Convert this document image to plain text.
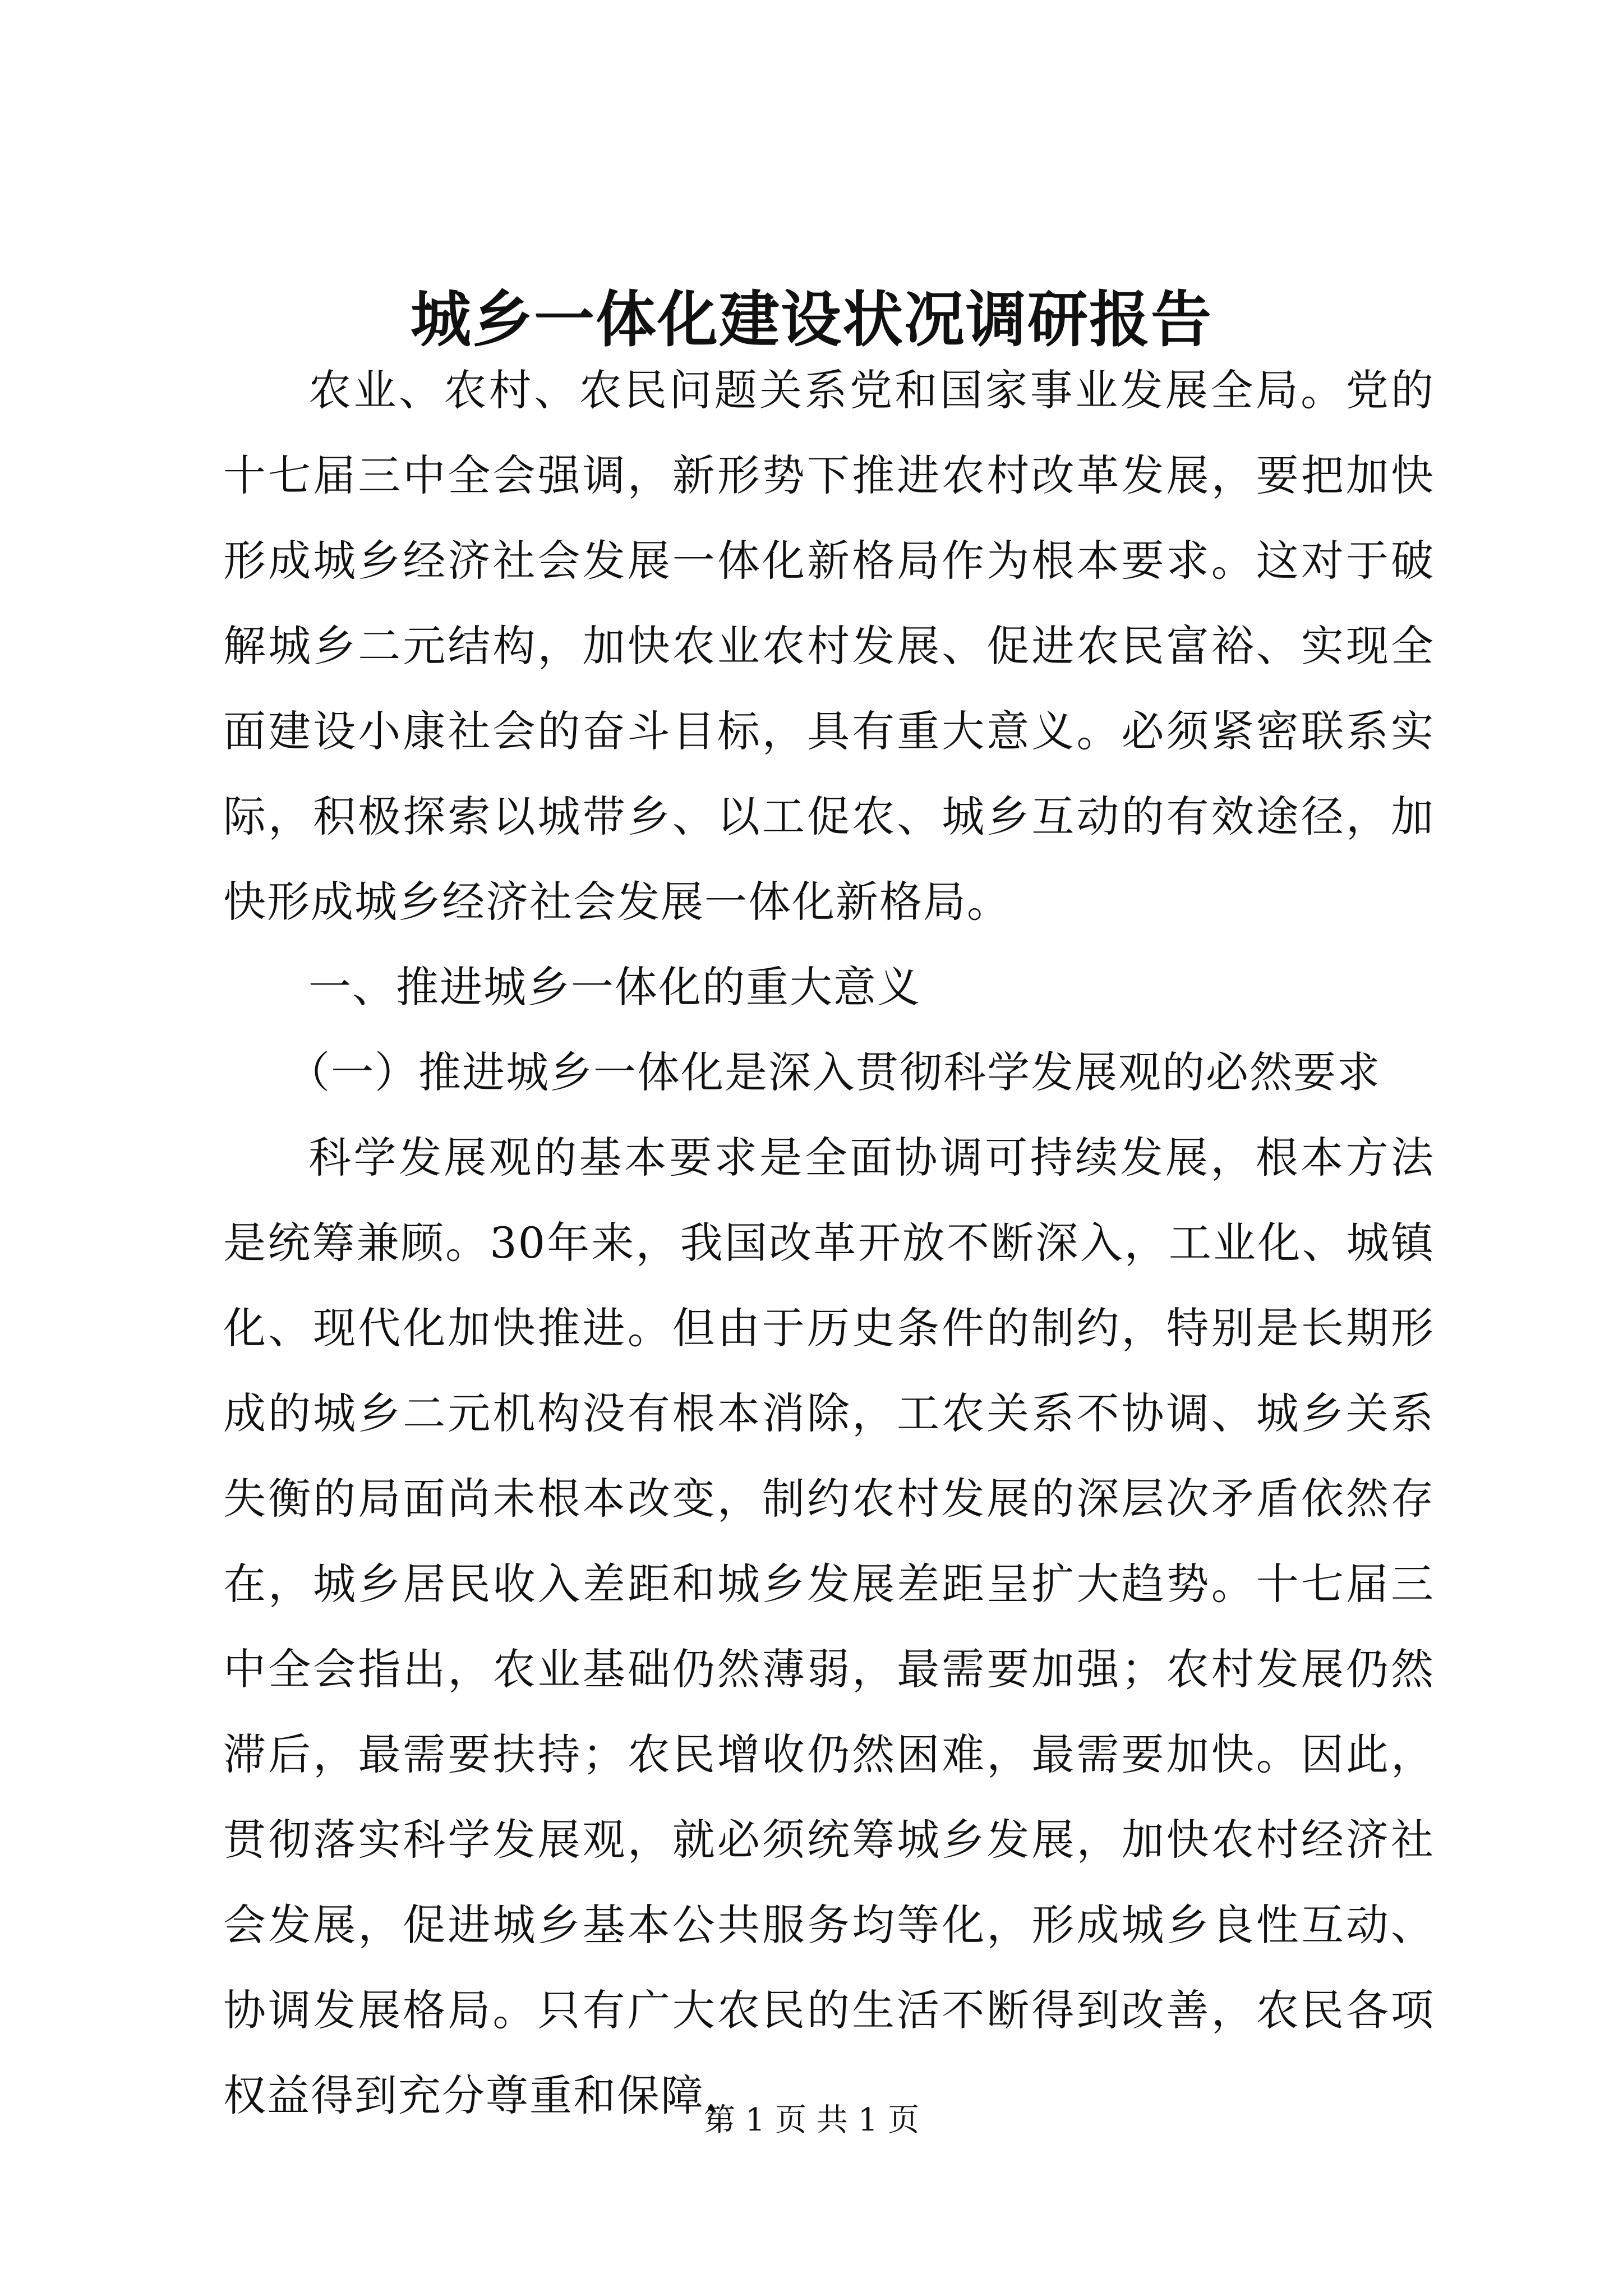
城乡一体化建设状况调研报告

农业、农村、农民问题关系党和国家事业发展全局。党的十七届三中全会强调，新形势下推进农村改革发展，要把加快形成城乡经济社会发展一体化新格局作为根本要求。这对于破解城乡二元结构，加快农业农村发展、促进农民富裕、实现全面建设小康社会的奋斗目标，具有重大意义。必须紧密联系实际，积极探索以城带乡、以工促农、城乡互动的有效途径，加快形成城乡经济社会发展一体化新格局。

一、推进城乡一体化的重大意义

（一）推进城乡一体化是深入贯彻科学发展观的必然要求

科学发展观的基本要求是全面协调可持续发展，根本方法是统筹兼顾。30年来，我国改革开放不断深入，工业化、城镇化、现代化加快推进。但由于历史条件的制约，特别是长期形成的城乡二元机构没有根本消除，工农关系不协调、城乡关系失衡的局面尚未根本改变，制约农村发展的深层次矛盾依然存在，城乡居民收入差距和城乡发展差距呈扩大趋势。十七届三中全会指出，农业基础仍然薄弱，最需要加强；农村发展仍然滞后，最需要扶持；农民增收仍然困难，最需要加快。因此，贯彻落实科学发展观，就必须统筹城乡发展，加快农村经济社会发展，促进城乡基本公共服务均等化，形成城乡良性互动、协调发展格局。只有广大农民的生活不断得到改善，农民各项权益得到充分尊重和保障，

第 1 页 共 1 页
